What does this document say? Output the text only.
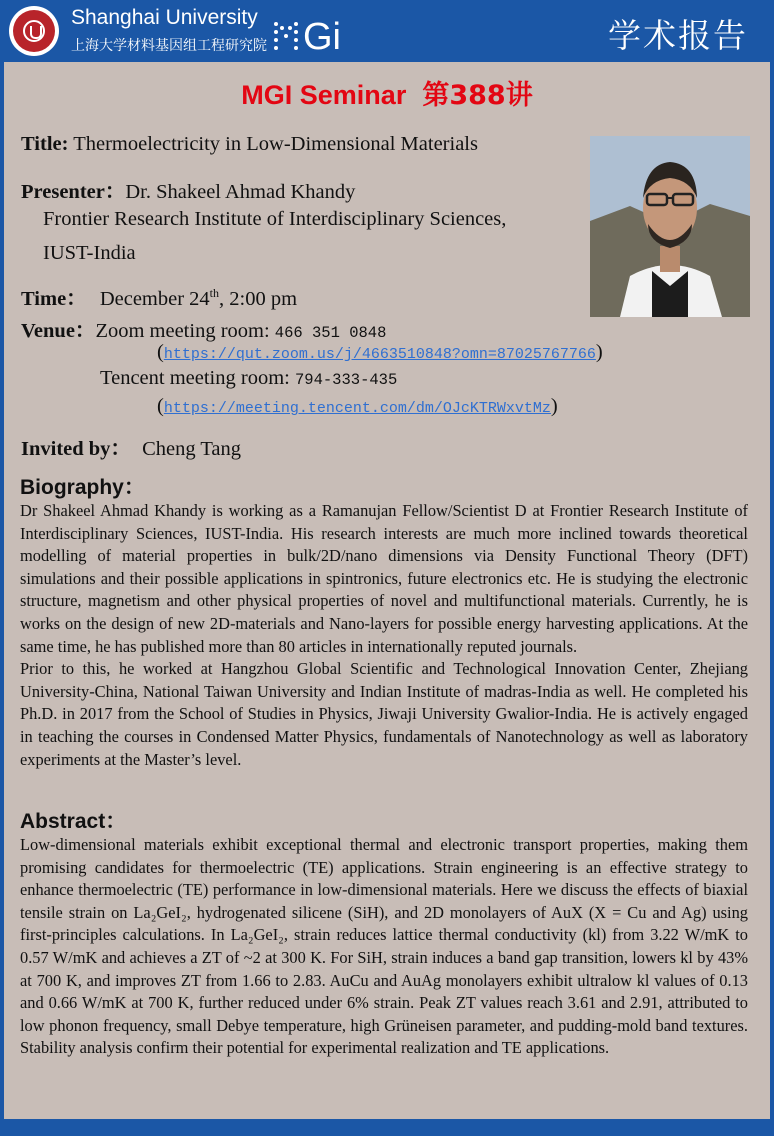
Shanghai University
上海大学材料基因组工程研究院 Gi	学术报告
MGI Seminar 第388讲
Title: Thermoelectricity in Low-Dimensional Materials
Presenter：Dr. Shakeel Ahmad Khandy
Frontier Research Institute of Interdisciplinary Sciences,
IUST-India
Time： December 24th, 2:00 pm
Venue：Zoom meeting room: 466 351 0848
(https://qut.zoom.us/j/4663510848?omn=87025767766)
Tencent meeting room: 794-333-435
(https://meeting.tencent.com/dm/OJcKTRWxvtMz)
Invited by： Cheng Tang
Biography：

Dr Shakeel Ahmad Khandy is working as a Ramanujan Fellow/Scientist D at Frontier Research Institute of Interdisciplinary Sciences, IUST-India. His research interests are much more inclined towards theoretical modelling of material properties in bulk/2D/nano dimensions via Density Functional Theory (DFT) simulations and their possible applications in spintronics, future electronics etc. He is studying the electronic structure, magnetism and other physical properties of novel and multifunctional materials. Currently, he is works on the design of new 2D-materials and Nano-layers for possible energy harvesting applications. At the same time, he has published more than 80 articles in internationally reputed journals.

Prior to this, he worked at Hangzhou Global Scientific and Technological Innovation Center, Zhejiang University-China, National Taiwan University and Indian Institute of madras-India as well. He completed his Ph.D. in 2017 from the School of Studies in Physics, Jiwaji University Gwalior-India. He is actively engaged in teaching the courses in Condensed Matter Physics, fundamentals of Nanotechnology as well as laboratory experiments at the Master’s level.

Abstract：

Low-dimensional materials exhibit exceptional thermal and electronic transport properties, making them promising candidates for thermoelectric (TE) applications. Strain engineering is an effective strategy to enhance thermoelectric (TE) performance in low-dimensional materials. Here we discuss the effects of biaxial tensile strain on La₂GeI₂, hydrogenated silicene (SiH), and 2D monolayers of AuX (X = Cu and Ag) using first-principles calculations. In La₂GeI₂, strain reduces lattice thermal conductivity (kl) from 3.22 W/mK to 0.57 W/mK and achieves a ZT of ~2 at 300 K. For SiH, strain induces a band gap transition, lowers kl by 43% at 700 K, and improves ZT from 1.66 to 2.83. AuCu and AuAg monolayers exhibit ultralow kl values of 0.13 and 0.66 W/mK at 700 K, further reduced under 6% strain. Peak ZT values reach 3.61 and 2.91, attributed to low phonon frequency, small Debye temperature, high Grüneisen parameter, and pudding-mold band textures. Stability analysis confirm their potential for experimental realization and TE applications.
